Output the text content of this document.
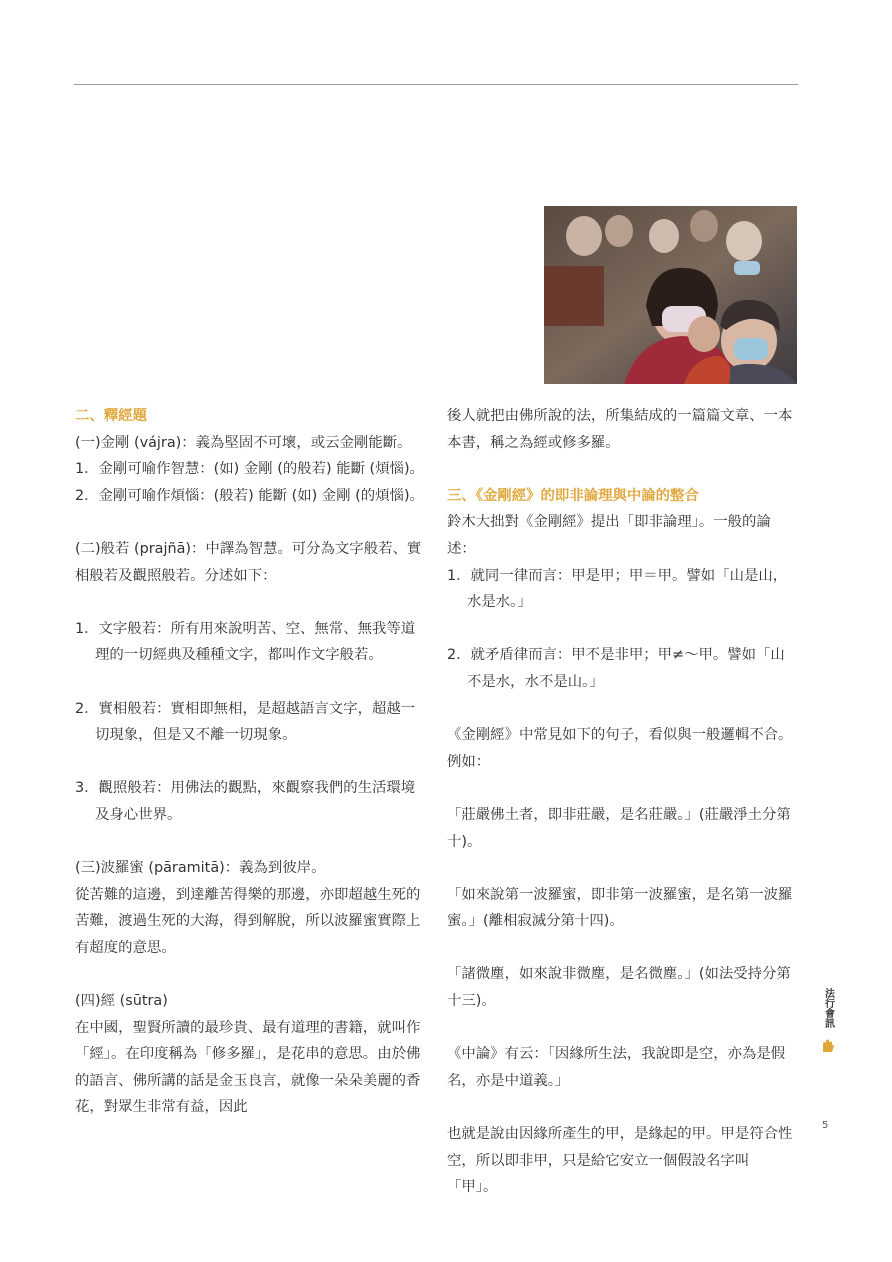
二、釋經題

(一)金剛 (vájra)：義為堅固不可壞，或云金剛能斷。

1．金剛可喻作智慧：(如) 金剛 (的般若) 能斷 (煩惱)。

2．金剛可喻作煩惱：(般若) 能斷 (如) 金剛 (的煩惱)。

(二)般若 (prajñā)：中譯為智慧。可分為文字般若、實相般若及觀照般若。分述如下：

1．文字般若：所有用來說明苦、空、無常、無我等道理的一切經典及種種文字，都叫作文字般若。

2．實相般若：實相即無相，是超越語言文字，超越一切現象，但是又不離一切現象。

3．觀照般若：用佛法的觀點，來觀察我們的生活環境及身心世界。

(三)波羅蜜 (pāramitā)：義為到彼岸。

從苦難的這邊，到達離苦得樂的那邊，亦即超越生死的苦難，渡過生死的大海，得到解脫，所以波羅蜜實際上有超度的意思。

(四)經 (sūtra)

在中國，聖賢所讀的最珍貴、最有道理的書籍，就叫作「經」。在印度稱為「修多羅」，是花串的意思。由於佛的語言、佛所講的話是金玉良言，就像一朵朵美麗的香花，對眾生非常有益，因此

後人就把由佛所說的法，所集結成的一篇篇文章、一本本書，稱之為經或修多羅。

三、《金剛經》的即非論理與中論的整合

鈴木大拙對《金剛經》提出「即非論理」。一般的論述：

1．就同一律而言：甲是甲；甲＝甲。譬如「山是山，水是水。」

2．就矛盾律而言：甲不是非甲；甲≠～甲。譬如「山不是水，水不是山。」

《金剛經》中常見如下的句子，看似與一般邏輯不合。例如：

「莊嚴佛土者，即非莊嚴，是名莊嚴。」(莊嚴淨土分第十)。

「如來說第一波羅蜜，即非第一波羅蜜，是名第一波羅蜜。」(離相寂滅分第十四)。

「諸微塵，如來說非微塵，是名微塵。」(如法受持分第十三)。

《中論》有云：「因緣所生法，我說即是空，亦為是假名，亦是中道義。」

也就是說由因緣所產生的甲，是緣起的甲。甲是符合性空，所以即非甲，只是給它安立一個假設名字叫「甲」。

法行會訊
5
